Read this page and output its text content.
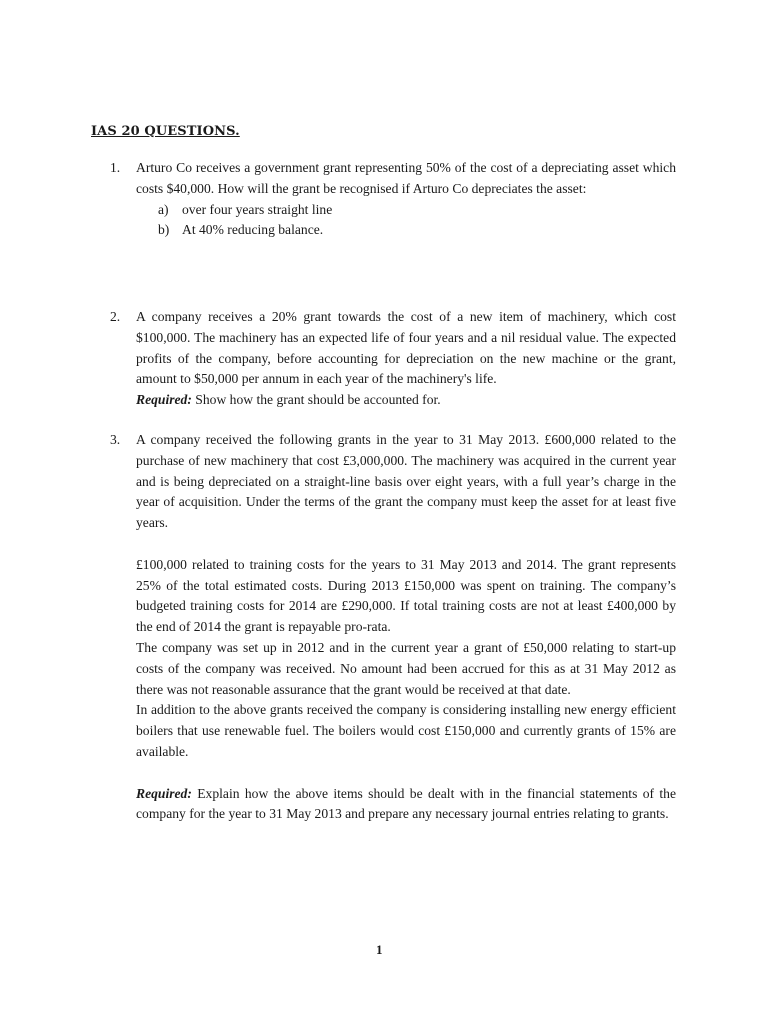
IAS 20 QUESTIONS.
1. Arturo Co receives a government grant representing 50% of the cost of a depreciating asset which costs $40,000. How will the grant be recognised if Arturo Co depreciates the asset:

a) over four years straight line
b) At 40% reducing balance.
2. A company receives a 20% grant towards the cost of a new item of machinery, which cost $100,000. The machinery has an expected life of four years and a nil residual value. The expected profits of the company, before accounting for depreciation on the new machine or the grant, amount to $50,000 per annum in each year of the machinery's life.

Required: Show how the grant should be accounted for.

3. A company received the following grants in the year to 31 May 2013. £600,000 related to the purchase of new machinery that cost £3,000,000. The machinery was acquired in the current year and is being depreciated on a straight-line basis over eight years, with a full year’s charge in the year of acquisition. Under the terms of the grant the company must keep the asset for at least five years.

£100,000 related to training costs for the years to 31 May 2013 and 2014. The grant represents 25% of the total estimated costs. During 2013 £150,000 was spent on training. The company’s budgeted training costs for 2014 are £290,000. If total training costs are not at least £400,000 by the end of 2014 the grant is repayable pro-rata.

The company was set up in 2012 and in the current year a grant of £50,000 relating to start-up costs of the company was received. No amount had been accrued for this as at 31 May 2012 as there was not reasonable assurance that the grant would be received at that date.

In addition to the above grants received the company is considering installing new energy efficient boilers that use renewable fuel. The boilers would cost £150,000 and currently grants of 15% are available.

Required: Explain how the above items should be dealt with in the financial statements of the company for the year to 31 May 2013 and prepare any necessary journal entries relating to grants.

1
